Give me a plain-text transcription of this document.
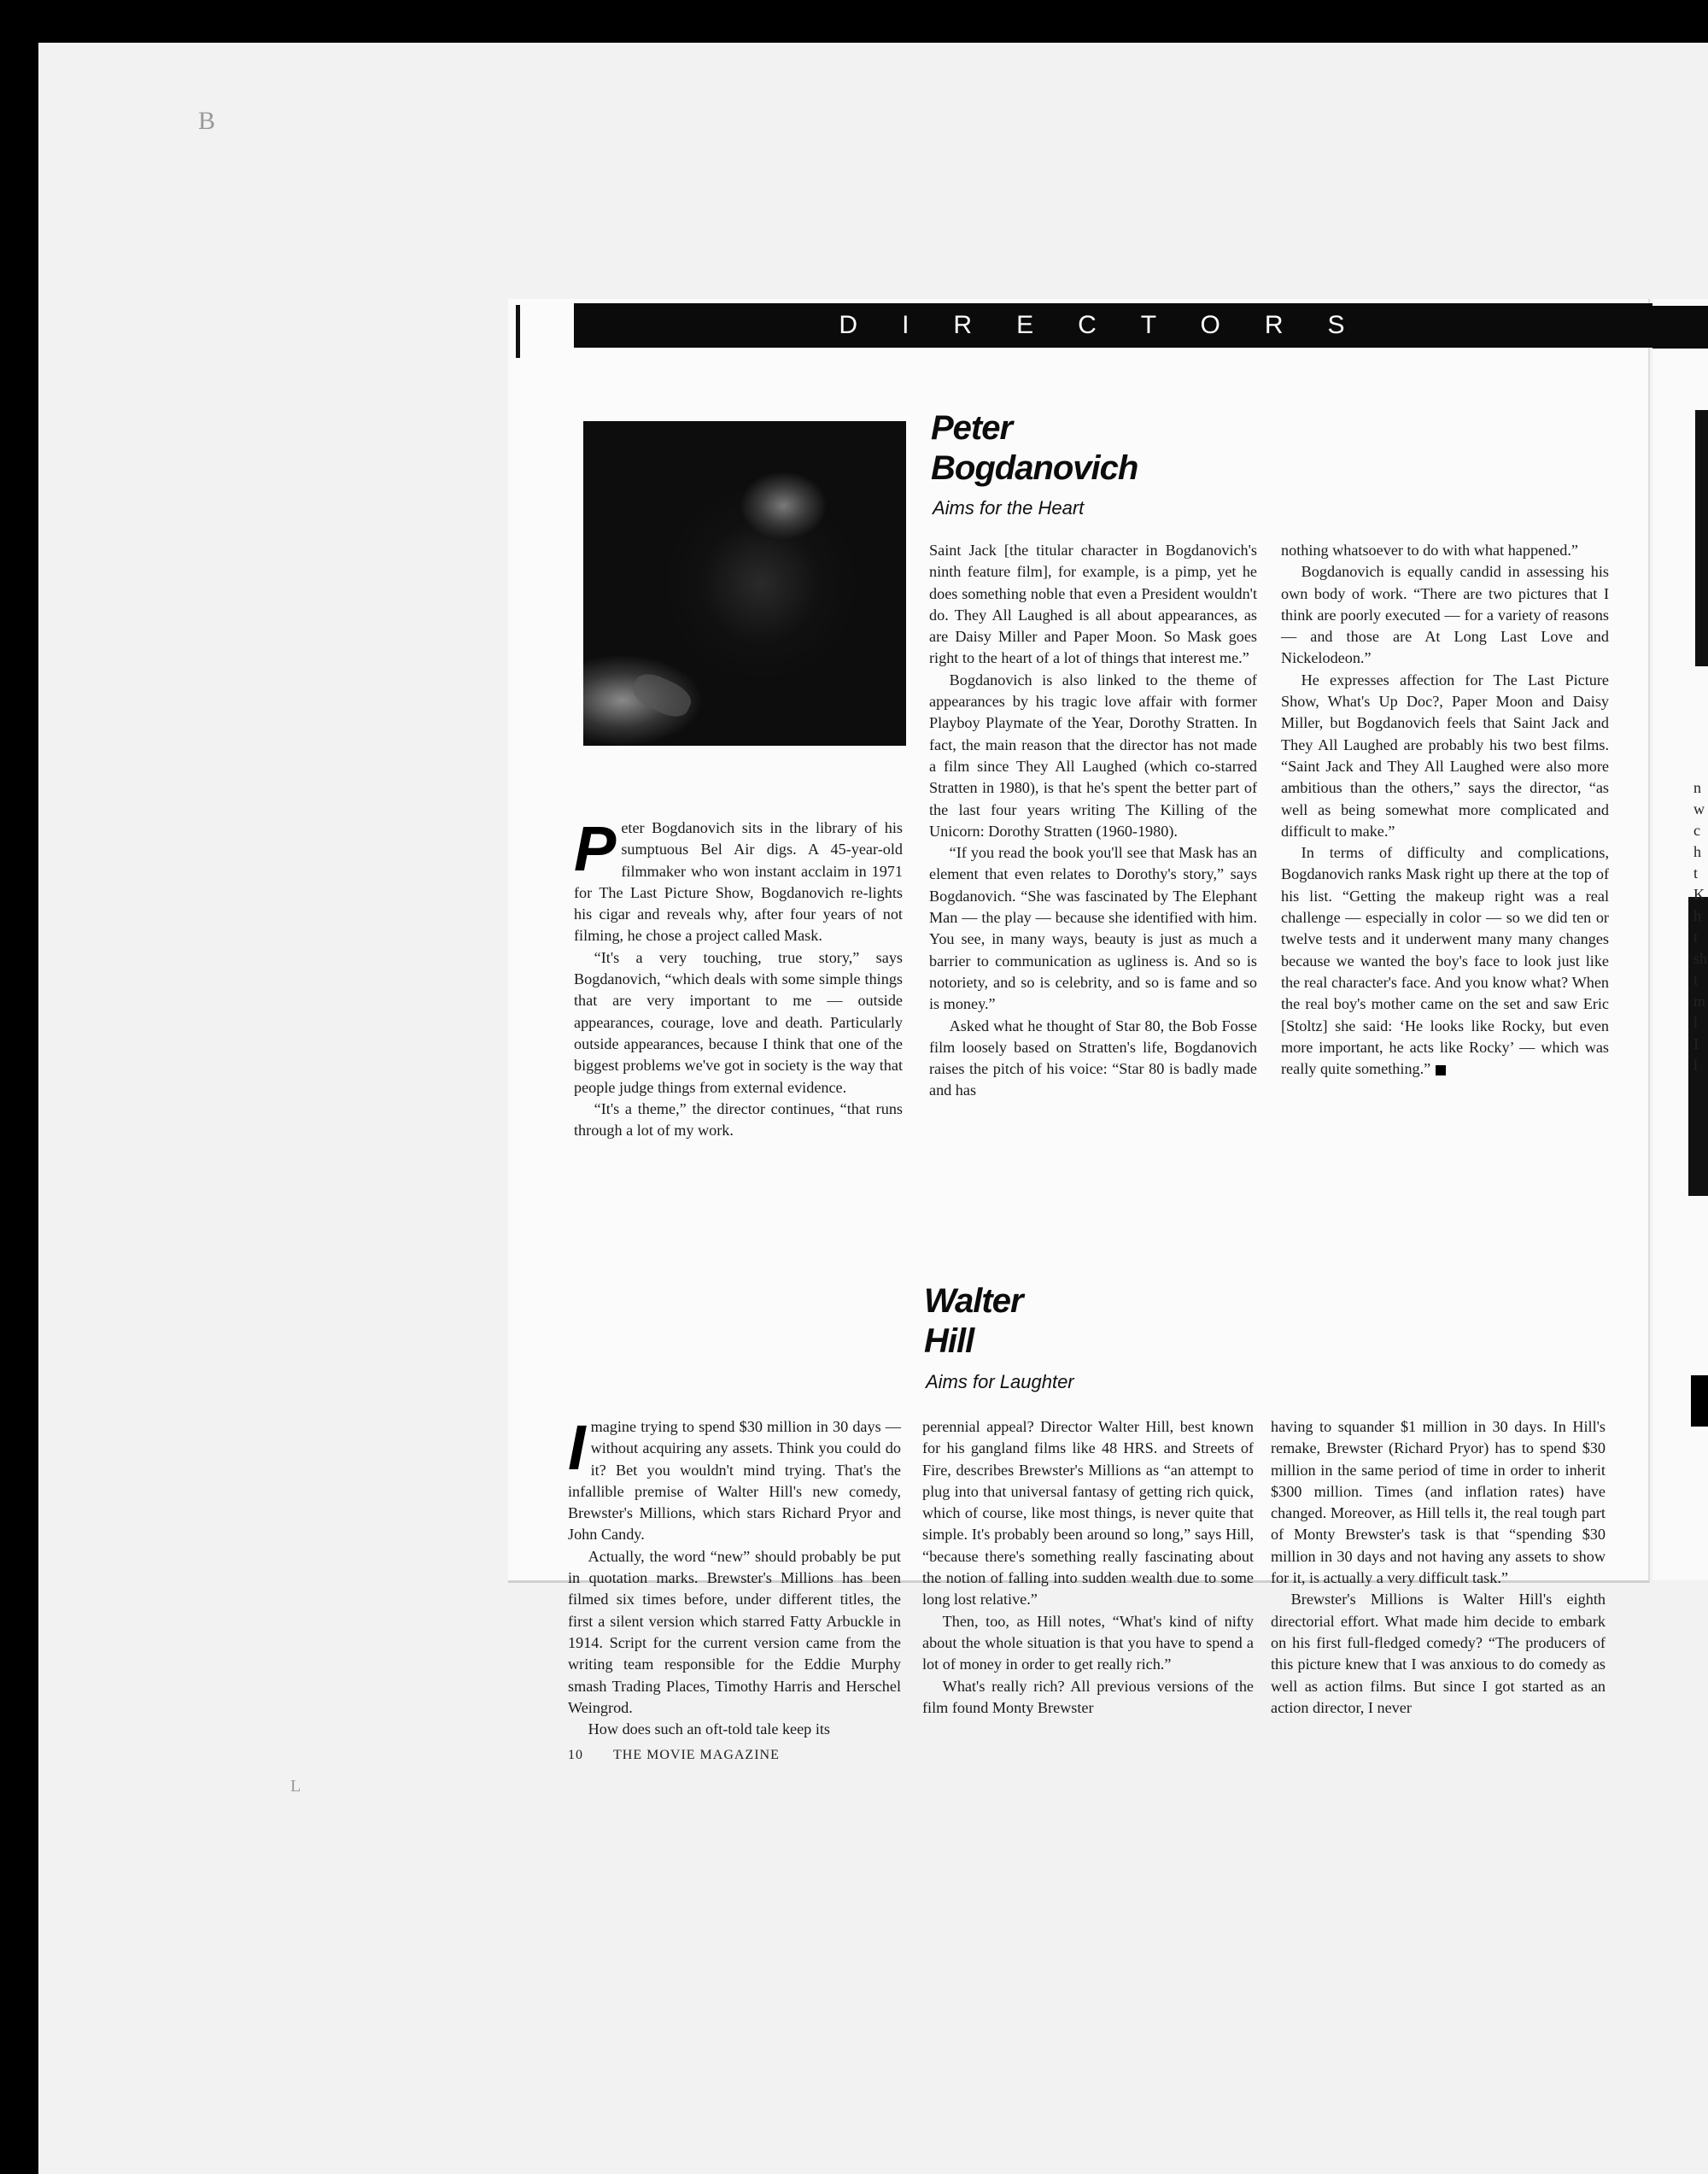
B
L
DIRECTORS
Peter
Bogdanovich
Aims for the Heart
P eter Bogdanovich sits in the library of his sumptuous Bel Air digs. A 45-year-old filmmaker who won instant acclaim in 1971 for The Last Picture Show, Bogdanovich re-lights his cigar and reveals why, after four years of not filming, he chose a project called Mask.

“It's a very touching, true story,” says Bogdanovich, “which deals with some simple things that are very important to me — outside appearances, courage, love and death. Particularly outside appearances, because I think that one of the biggest problems we've got in society is the way that people judge things from external evidence.

“It's a theme,” the director continues, “that runs through a lot of my work.

Saint Jack [the titular character in Bogdanovich's ninth feature film], for example, is a pimp, yet he does something noble that even a President wouldn't do. They All Laughed is all about appearances, as are Daisy Miller and Paper Moon. So Mask goes right to the heart of a lot of things that interest me.”

Bogdanovich is also linked to the theme of appearances by his tragic love affair with former Playboy Playmate of the Year, Dorothy Stratten. In fact, the main reason that the director has not made a film since They All Laughed (which co-starred Stratten in 1980), is that he's spent the better part of the last four years writing The Killing of the Unicorn: Dorothy Stratten (1960-1980).

“If you read the book you'll see that Mask has an element that even relates to Dorothy's story,” says Bogdanovich. “She was fascinated by The Elephant Man — the play — because she identified with him. You see, in many ways, beauty is just as much a barrier to communication as ugliness is. And so is notoriety, and so is celebrity, and so is fame and so is money.”

Asked what he thought of Star 80, the Bob Fosse film loosely based on Stratten's life, Bogdanovich raises the pitch of his voice: “Star 80 is badly made and has

nothing whatsoever to do with what happened.”

Bogdanovich is equally candid in assessing his own body of work. “There are two pictures that I think are poorly executed — for a variety of reasons — and those are At Long Last Love and Nickelodeon.”

He expresses affection for The Last Picture Show, What's Up Doc?, Paper Moon and Daisy Miller, but Bogdanovich feels that Saint Jack and They All Laughed are probably his two best films. “Saint Jack and They All Laughed were also more ambitious than the others,” says the director, “as well as being somewhat more complicated and difficult to make.”

In terms of difficulty and complications, Bogdanovich ranks Mask right up there at the top of his list. “Getting the makeup right was a real challenge — especially in color — so we did ten or twelve tests and it underwent many many changes because we wanted the boy's face to look just like the real character's face. And you know what? When the real boy's mother came on the set and saw Eric [Stoltz] she said: ‘He looks like Rocky, but even more important, he acts like Rocky’ — which was really quite something.”

Walter
Hill
Aims for Laughter
I magine trying to spend $30 million in 30 days — without acquiring any assets. Think you could do it? Bet you wouldn't mind trying. That's the infallible premise of Walter Hill's new comedy, Brewster's Millions, which stars Richard Pryor and John Candy.

Actually, the word “new” should probably be put in quotation marks. Brewster's Millions has been filmed six times before, under different titles, the first a silent version which starred Fatty Arbuckle in 1914. Script for the current version came from the writing team responsible for the Eddie Murphy smash Trading Places, Timothy Harris and Herschel Weingrod.

How does such an oft-told tale keep its

perennial appeal? Director Walter Hill, best known for his gangland films like 48 HRS. and Streets of Fire, describes Brewster's Millions as “an attempt to plug into that universal fantasy of getting rich quick, which of course, like most things, is never quite that simple. It's probably been around so long,” says Hill, “because there's something really fascinating about the notion of falling into sudden wealth due to some long lost relative.”

Then, too, as Hill notes, “What's kind of nifty about the whole situation is that you have to spend a lot of money in order to get really rich.”

What's really rich? All previous versions of the film found Monty Brewster

having to squander $1 million in 30 days. In Hill's remake, Brewster (Richard Pryor) has to spend $30 million in the same period of time in order to inherit $300 million. Times (and inflation rates) have changed. Moreover, as Hill tells it, the real tough part of Monty Brewster's task is that “spending $30 million in 30 days and not having any assets to show for it, is actually a very difficult task.”

Brewster's Millions is Walter Hill's eighth directorial effort. What made him decide to embark on his first full-fledged comedy? “The producers of this picture knew that I was anxious to do comedy as well as action films. But since I got started as an action director, I never

10 THE MOVIE MAGAZINE
n
w
c
h
t
K
h
t
sh
t
m
l
I
l
